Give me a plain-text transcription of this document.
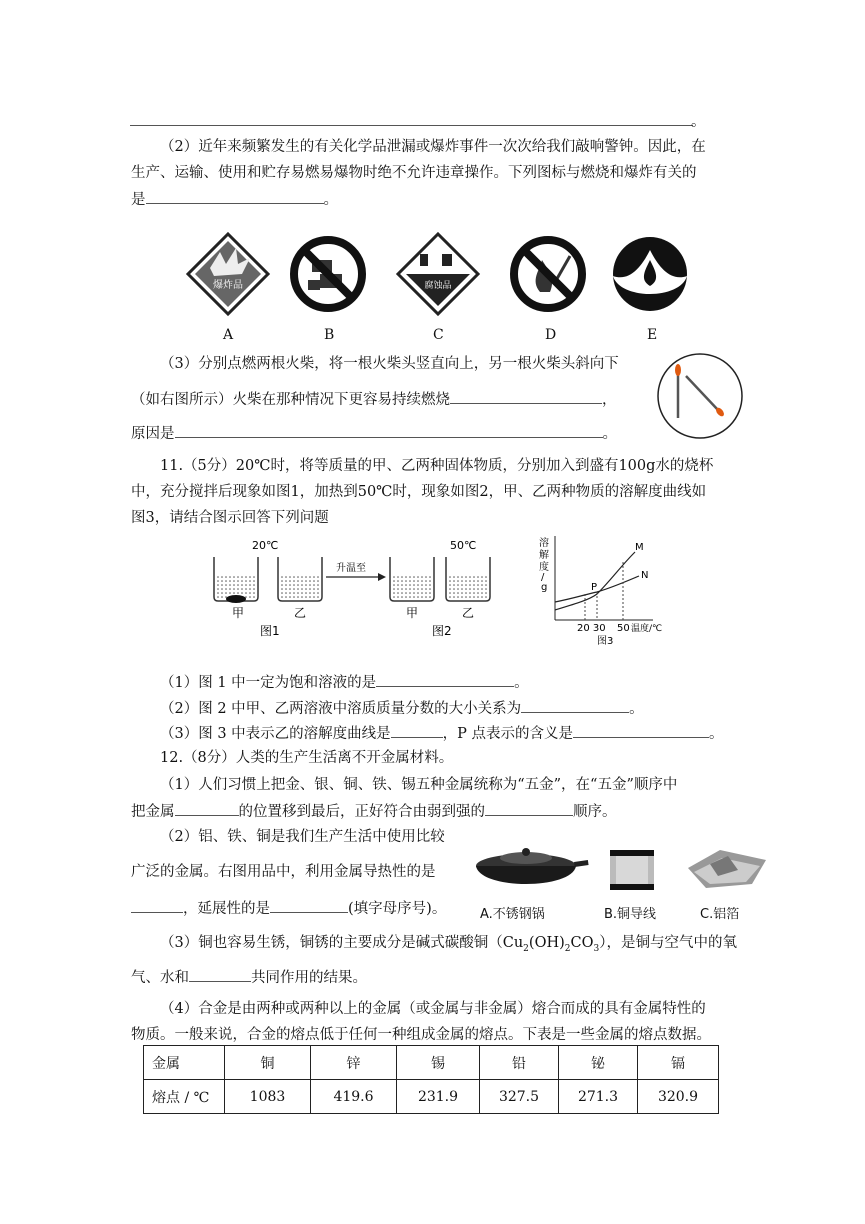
。
（2）近年来频繁发生的有关化学品泄漏或爆炸事件一次次给我们敲响警钟。因此，在
生产、运输、使用和贮存易燃易爆物时绝不允许违章操作。下列图标与燃烧和爆炸有关的
是	。
爆炸品	腐蚀品
A	B	C	D	E
（3）分别点燃两根火柴，将一根火柴头竖直向上，另一根火柴头斜向下
（如右图所示）火柴在那种情况下更容易持续燃烧	，
原因是	。
11.（5分）20℃时，将等质量的甲、乙两种固体物质，分别加入到盛有100g水的烧杯
中，充分搅拌后现象如图1，加热到50℃时，现象如图2，甲、乙两种物质的溶解度曲线如
图3，请结合图示回答下列问题
20℃	50℃
甲	乙
图1
升温至
甲	乙
图2
溶
解
度
/
g
M
N
P
20 30 50 温度/℃
图3
（1）图 1 中一定为饱和溶液的是	。
（2）图 2 中甲、乙两溶液中溶质质量分数的大小关系为	。
（3）图 3 中表示乙的溶解度曲线是	，P 点表示的含义是	。
12.（8分）人类的生产生活离不开金属材料。
（1）人们习惯上把金、银、铜、铁、锡五种金属统称为“五金”，在“五金”顺序中
把金属	的位置移到最后，正好符合由弱到强的	顺序。
（2）铝、铁、铜是我们生产生活中使用比较
广泛的金属。右图用品中，利用金属导热性的是
，延展性的是	(填字母序号)。	A.不锈钢锅	B.铜导线	C.铝箔
（3）铜也容易生锈，铜锈的主要成分是碱式碳酸铜$(Cu_2(OH)_2CO_3)$，是铜与空气中的氧
气、水和	共同作用的结果。
（4）合金是由两种或两种以上的金属（或金属与非金属）熔合而成的具有金属特性的
物质。一般来说，合金的熔点低于任何一种组成金属的熔点。下表是一些金属的熔点数据。
金属	铜	锌	锡	铅	铋	镉
熔点 / ℃	1083	419.6	231.9	327.5	271.3	320.9
